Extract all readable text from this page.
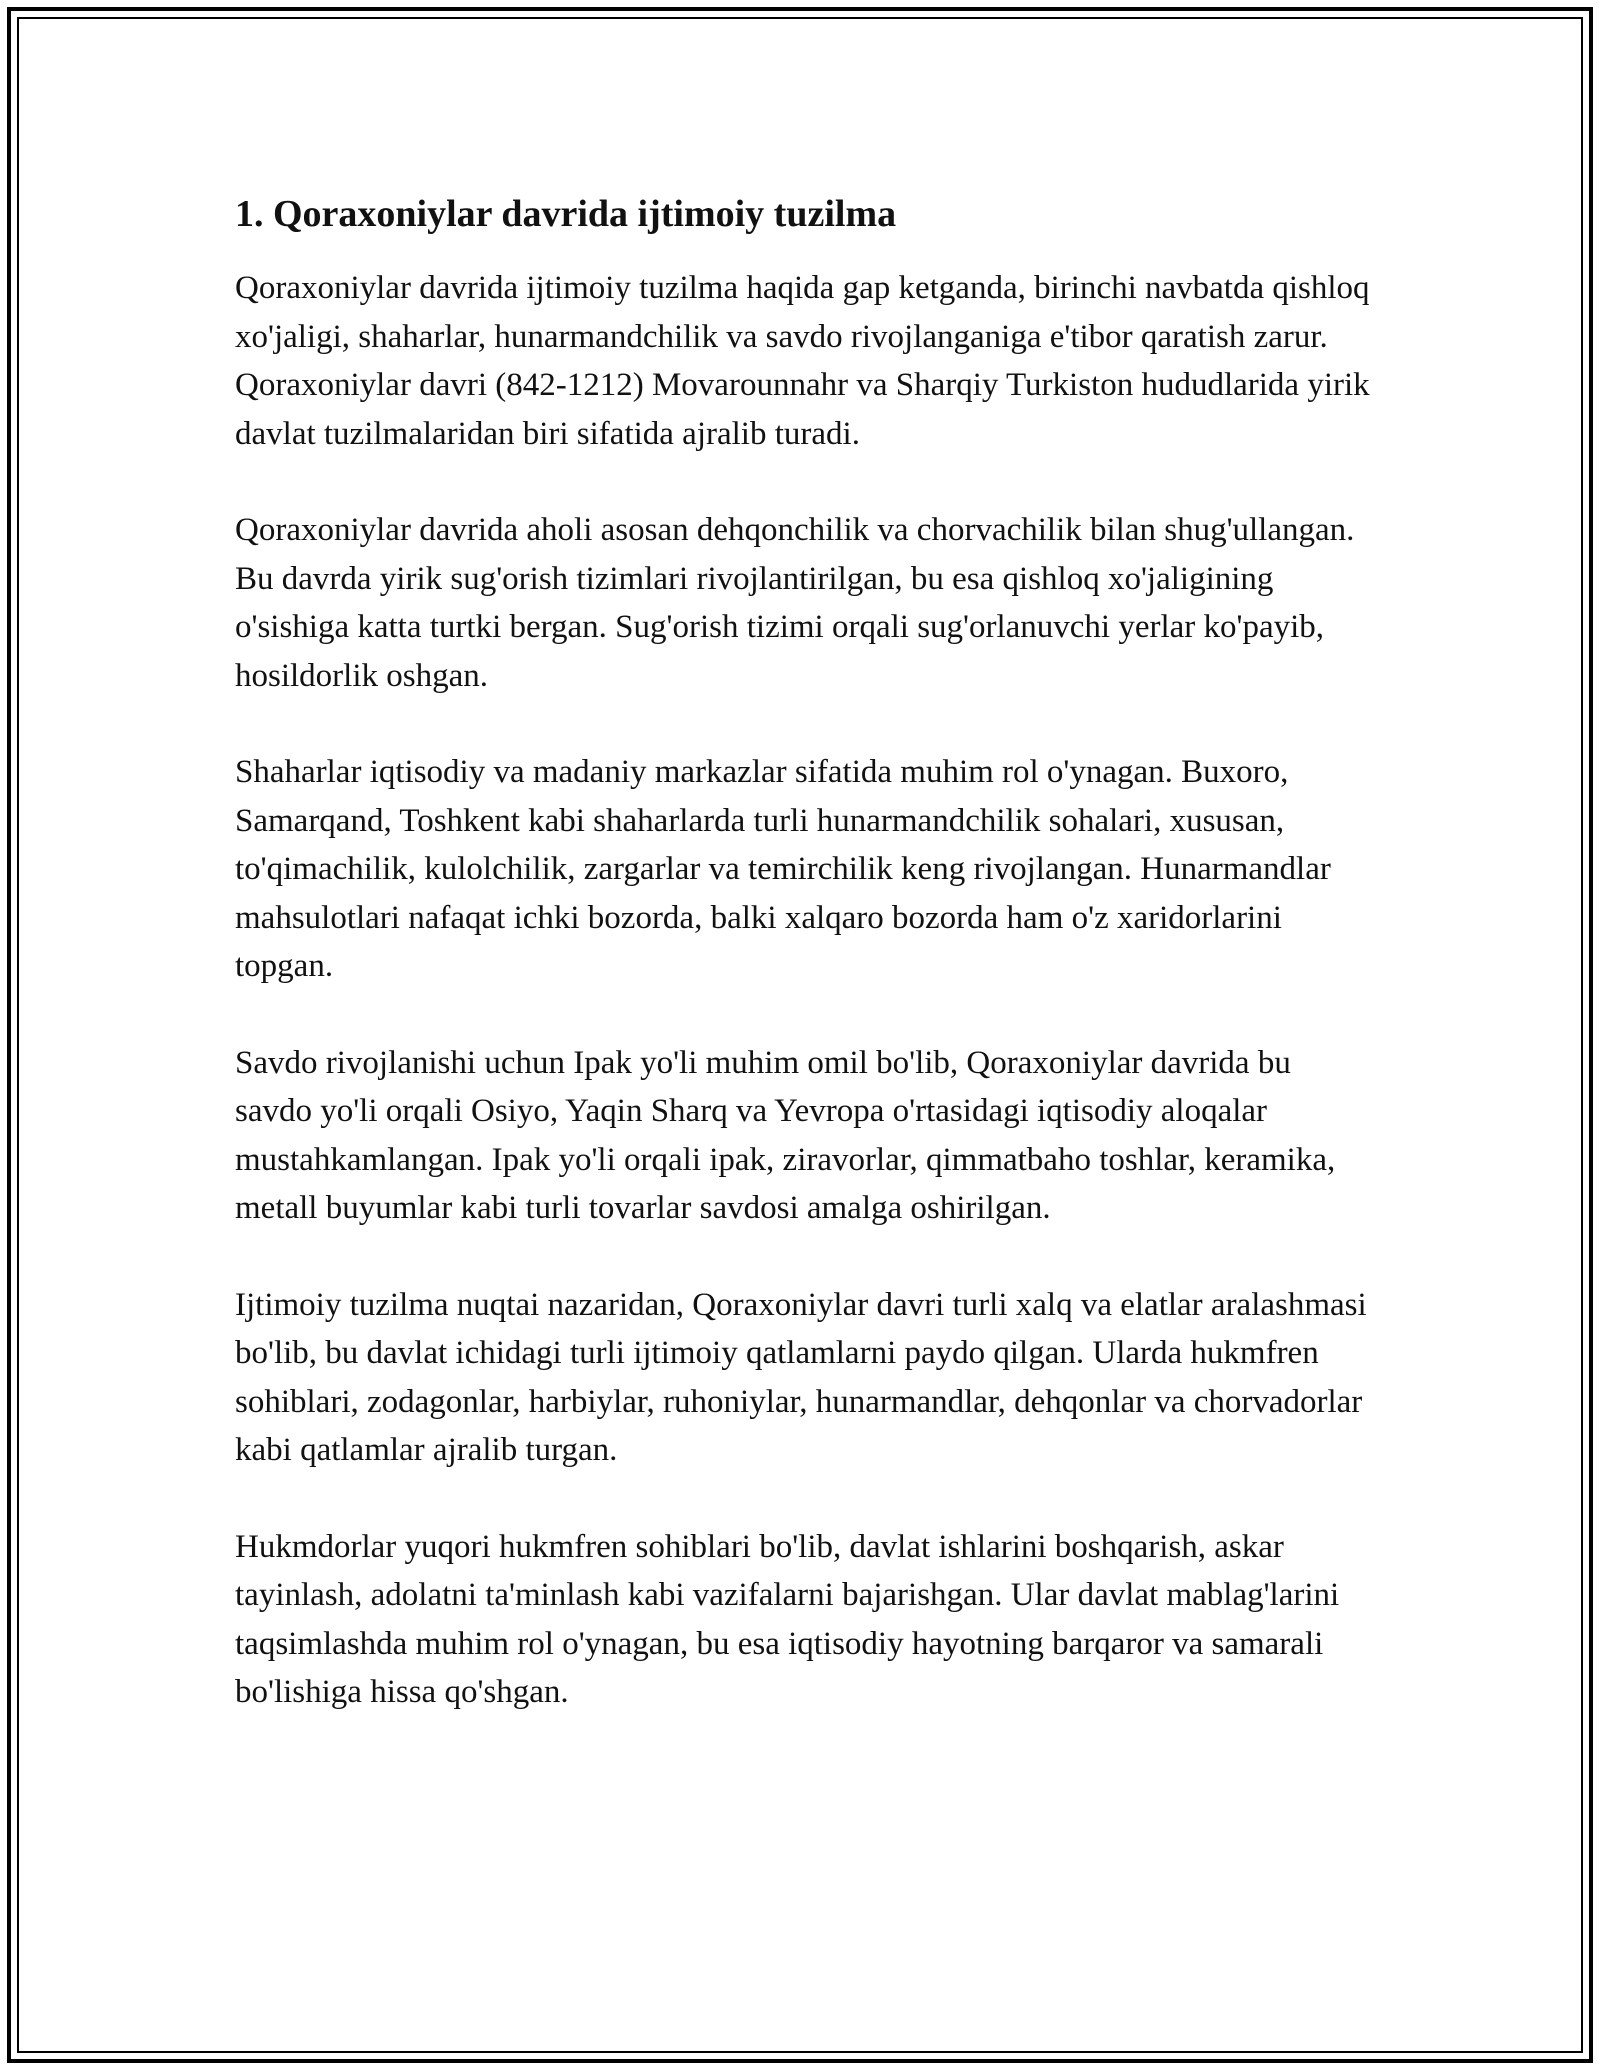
1. Qoraxoniylar davrida ijtimoiy tuzilma

Qoraxoniylar davrida ijtimoiy tuzilma haqida gap ketganda, birinchi navbatda qishloq xo'jaligi, shaharlar, hunarmandchilik va savdo rivojlanganiga e'tibor qaratish zarur. Qoraxoniylar davri (842-1212) Movarounnahr va Sharqiy Turkiston hududlarida yirik davlat tuzilmalaridan biri sifatida ajralib turadi.

Qoraxoniylar davrida aholi asosan dehqonchilik va chorvachilik bilan shug'ullangan. Bu davrda yirik sug'orish tizimlari rivojlantirilgan, bu esa qishloq xo'jaligining o'sishiga katta turtki bergan. Sug'orish tizimi orqali sug'orlanuvchi yerlar ko'payib, hosildorlik oshgan.

Shaharlar iqtisodiy va madaniy markazlar sifatida muhim rol o'ynagan. Buxoro, Samarqand, Toshkent kabi shaharlarda turli hunarmandchilik sohalari, xususan, to'qimachilik, kulolchilik, zargarlar va temirchilik keng rivojlangan. Hunarmandlar mahsulotlari nafaqat ichki bozorda, balki xalqaro bozorda ham o'z xaridorlarini topgan.

Savdo rivojlanishi uchun Ipak yo'li muhim omil bo'lib, Qoraxoniylar davrida bu savdo yo'li orqali Osiyo, Yaqin Sharq va Yevropa o'rtasidagi iqtisodiy aloqalar mustahkamlangan. Ipak yo'li orqali ipak, ziravorlar, qimmatbaho toshlar, keramika, metall buyumlar kabi turli tovarlar savdosi amalga oshirilgan.

Ijtimoiy tuzilma nuqtai nazaridan, Qoraxoniylar davri turli xalq va elatlar aralashmasi bo'lib, bu davlat ichidagi turli ijtimoiy qatlamlarni paydo qilgan. Ularda hukmfren sohiblari, zodagonlar, harbiylar, ruhoniylar, hunarmandlar, dehqonlar va chorvadorlar kabi qatlamlar ajralib turgan.

Hukmdorlar yuqori hukmfren sohiblari bo'lib, davlat ishlarini boshqarish, askar tayinlash, adolatni ta'minlash kabi vazifalarni bajarishgan. Ular davlat mablag'larini taqsimlashda muhim rol o'ynagan, bu esa iqtisodiy hayotning barqaror va samarali bo'lishiga hissa qo'shgan.
